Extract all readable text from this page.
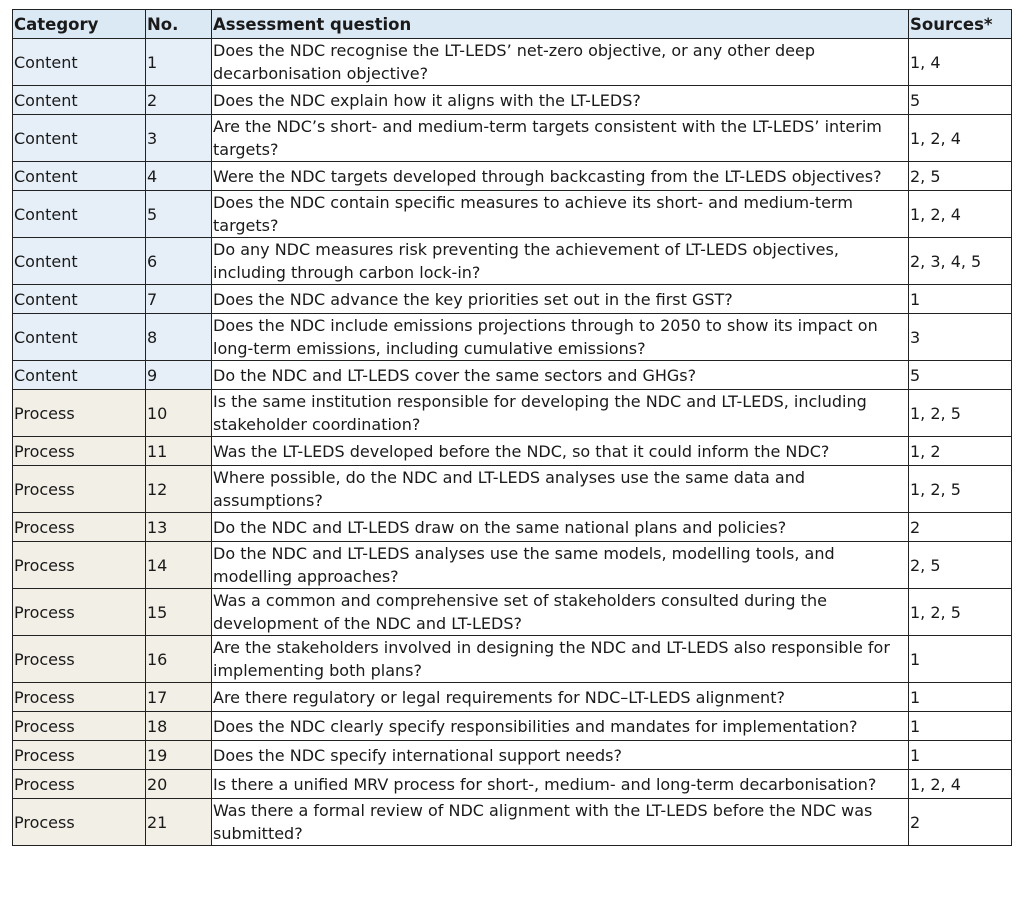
Category	No.	Assessment question	Sources*
Content	1	Does the NDC recognise the LT-LEDS’ net-zero objective, or any other deep decarbonisation objective?	1, 4
Content	2	Does the NDC explain how it aligns with the LT-LEDS?	5
Content	3	Are the NDC’s short- and medium-term targets consistent with the LT-LEDS’ interim targets?	1, 2, 4
Content	4	Were the NDC targets developed through backcasting from the LT-LEDS objectives?	2, 5
Content	5	Does the NDC contain specific measures to achieve its short- and medium-term targets?	1, 2, 4
Content	6	Do any NDC measures risk preventing the achievement of LT-LEDS objectives, including through carbon lock-in?	2, 3, 4, 5
Content	7	Does the NDC advance the key priorities set out in the first GST?	1
Content	8	Does the NDC include emissions projections through to 2050 to show its impact on long-term emissions, including cumulative emissions?	3
Content	9	Do the NDC and LT-LEDS cover the same sectors and GHGs?	5
Process	10	Is the same institution responsible for developing the NDC and LT-LEDS, including stakeholder coordination?	1, 2, 5
Process	11	Was the LT-LEDS developed before the NDC, so that it could inform the NDC?	1, 2
Process	12	Where possible, do the NDC and LT-LEDS analyses use the same data and assumptions?	1, 2, 5
Process	13	Do the NDC and LT-LEDS draw on the same national plans and policies?	2
Process	14	Do the NDC and LT-LEDS analyses use the same models, modelling tools, and modelling approaches?	2, 5
Process	15	Was a common and comprehensive set of stakeholders consulted during the development of the NDC and LT-LEDS?	1, 2, 5
Process	16	Are the stakeholders involved in designing the NDC and LT-LEDS also responsible for implementing both plans?	1
Process	17	Are there regulatory or legal requirements for NDC–LT-LEDS alignment?	1
Process	18	Does the NDC clearly specify responsibilities and mandates for implementation?	1
Process	19	Does the NDC specify international support needs?	1
Process	20	Is there a unified MRV process for short-, medium- and long-term decarbonisation?	1, 2, 4
Process	21	Was there a formal review of NDC alignment with the LT-LEDS before the NDC was submitted?	2
